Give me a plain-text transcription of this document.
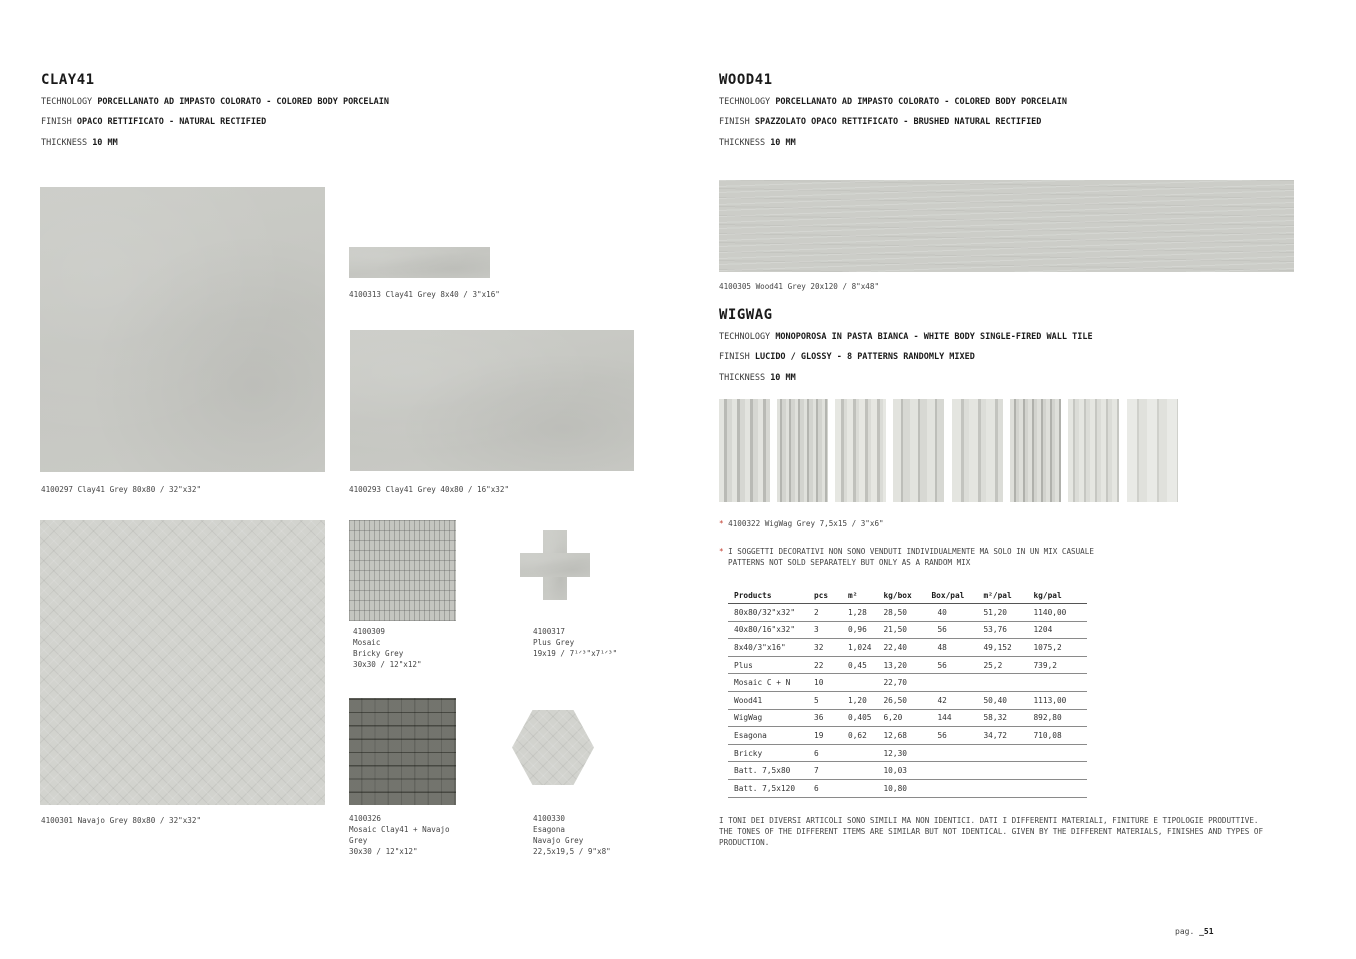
CLAY41
TECHNOLOGY PORCELLANATO AD IMPASTO COLORATO - COLORED BODY PORCELAIN
FINISH OPACO RETTIFICATO - NATURAL RECTIFIED
THICKNESS 10 MM
4100297 Clay41 Grey 80x80 / 32"x32"
4100313 Clay41 Grey 8x40 / 3"x16"
4100293 Clay41 Grey 40x80 / 16"x32"
4100301 Navajo Grey 80x80 / 32"x32"
4100309
Mosaic
Bricky Grey
30x30 / 12"x12"
4100317
Plus Grey
19x19 / 7¹ᐟ³"x7¹ᐟ³"
4100326
Mosaic Clay41 + Navajo
Grey
30x30 / 12"x12"
4100330
Esagona
Navajo Grey
22,5x19,5 / 9"x8"
WOOD41
TECHNOLOGY PORCELLANATO AD IMPASTO COLORATO - COLORED BODY PORCELAIN
FINISH SPAZZOLATO OPACO RETTIFICATO - BRUSHED NATURAL RECTIFIED
THICKNESS 10 MM
4100305 Wood41 Grey 20x120 / 8"x48"
WIGWAG
TECHNOLOGY MONOPOROSA IN PASTA BIANCA - WHITE BODY SINGLE-FIRED WALL TILE
FINISH LUCIDO / GLOSSY - 8 PATTERNS RANDOMLY MIXED
THICKNESS 10 MM
* 4100322 WigWag Grey 7,5x15 / 3"x6"
* I SOGGETTI DECORATIVI NON SONO VENDUTI INDIVIDUALMENTE MA SOLO IN UN MIX CASUALE
PATTERNS NOT SOLD SEPARATELY BUT ONLY AS A RANDOM MIX
Products	pcs	m²	kg/box	Box/pal	m²/pal	kg/pal
80x80/32"x32"	2	1,28	28,50	40	51,20	1140,00
40x80/16"x32"	3	0,96	21,50	56	53,76	1204
8x40/3"x16"	32	1,024	22,40	48	49,152	1075,2
Plus	22	0,45	13,20	56	25,2	739,2
Mosaic C + N	10		22,70			
Wood41	5	1,20	26,50	42	50,40	1113,00
WigWag	36	0,405	6,20	144	58,32	892,80
Esagona	19	0,62	12,68	56	34,72	710,08
Bricky	6		12,30			
Batt. 7,5x80	7		10,03			
Batt. 7,5x120	6		10,80			
I TONI DEI DIVERSI ARTICOLI SONO SIMILI MA NON IDENTICI. DATI I DIFFERENTI MATERIALI, FINITURE E TIPOLOGIE PRODUTTIVE.
THE TONES OF THE DIFFERENT ITEMS ARE SIMILAR BUT NOT IDENTICAL. GIVEN BY THE DIFFERENT MATERIALS, FINISHES AND TYPES OF
PRODUCTION.
pag. _51
